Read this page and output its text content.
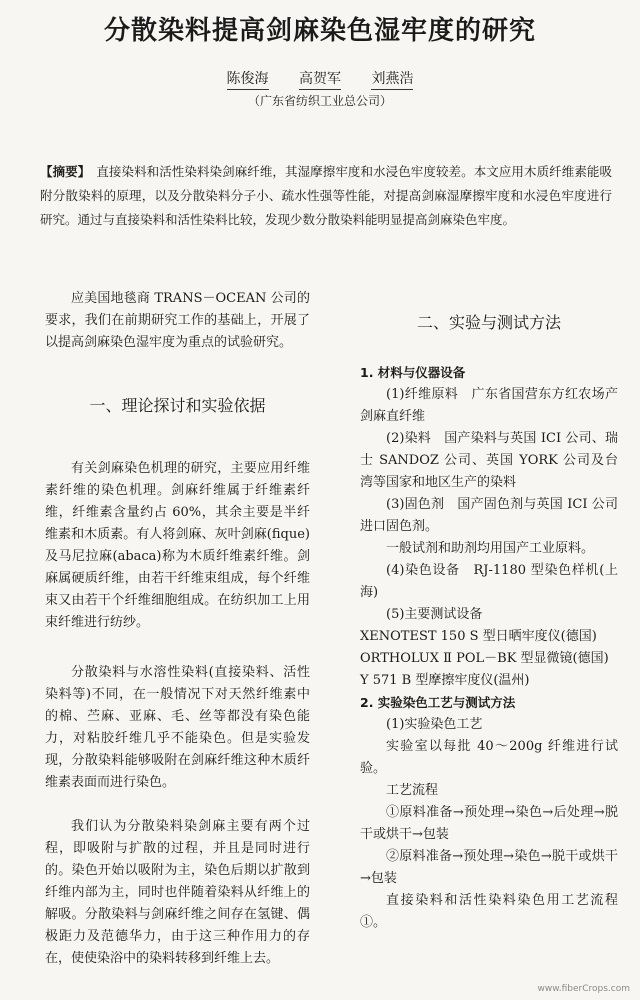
分散染料提高剑麻染色湿牢度的研究
陈俊海 高贺军 刘燕浩
（广东省纺织工业总公司）
【摘要】 直接染料和活性染料染剑麻纤维，其湿摩擦牢度和水浸色牢度较差。本文应用木质纤维素能吸附分散染料的原理，以及分散染料分子小、疏水性强等性能，对提高剑麻湿摩擦牢度和水浸色牢度进行研究。通过与直接染料和活性染料比较，发现少数分散染料能明显提高剑麻染色牢度。

应美国地毯商 TRANS－OCEAN 公司的要求，我们在前期研究工作的基础上，开展了以提高剑麻染色湿牢度为重点的试验研究。

一、理论探讨和实验依据

有关剑麻染色机理的研究，主要应用纤维素纤维的染色机理。剑麻纤维属于纤维素纤维，纤维素含量约占 60%，其余主要是半纤维素和木质素。有人将剑麻、灰叶剑麻(fique)及马尼拉麻(abaca)称为木质纤维素纤维。剑麻属硬质纤维，由若干纤维束组成，每个纤维束又由若干个纤维细胞组成。在纺织加工上用束纤维进行纺纱。

分散染料与水溶性染料(直接染料、活性染料等)不同，在一般情况下对天然纤维素中的棉、苎麻、亚麻、毛、丝等都没有染色能力，对粘胶纤维几乎不能染色。但是实验发现，分散染料能够吸附在剑麻纤维这种木质纤维素表面而进行染色。

我们认为分散染料染剑麻主要有两个过程，即吸附与扩散的过程，并且是同时进行的。染色开始以吸附为主，染色后期以扩散到纤维内部为主，同时也伴随着染料从纤维上的解吸。分散染料与剑麻纤维之间存在氢键、偶极距力及范德华力，由于这三种作用力的存在，使使染浴中的染料转移到纤维上去。

二、实验与测试方法
1. 材料与仪器设备

(1)纤维原料　广东省国营东方红农场产剑麻直纤维

(2)染料　国产染料与英国 ICI 公司、瑞士 SANDOZ 公司、英国 YORK 公司及台湾等国家和地区生产的染料

(3)固色剂　国产固色剂与英国 ICI 公司进口固色剂。

一般试剂和助剂均用国产工业原料。

(4)染色设备　RJ-1180 型染色样机(上海)

(5)主要测试设备

XENOTEST 150 S 型日晒牢度仪(德国)

ORTHOLUX Ⅱ POL－BK 型显微镜(德国)

Y 571 B 型摩擦牢度仪(温州)

2. 实验染色工艺与测试方法

(1)实验染色工艺

实验室以每批 40～200g 纤维进行试验。

工艺流程

①原料准备→预处理→染色→后处理→脱干或烘干→包装

②原料准备→预处理→染色→脱干或烘干→包装

直接染料和活性染料染色用工艺流程①。

www.fiberCrops.com
